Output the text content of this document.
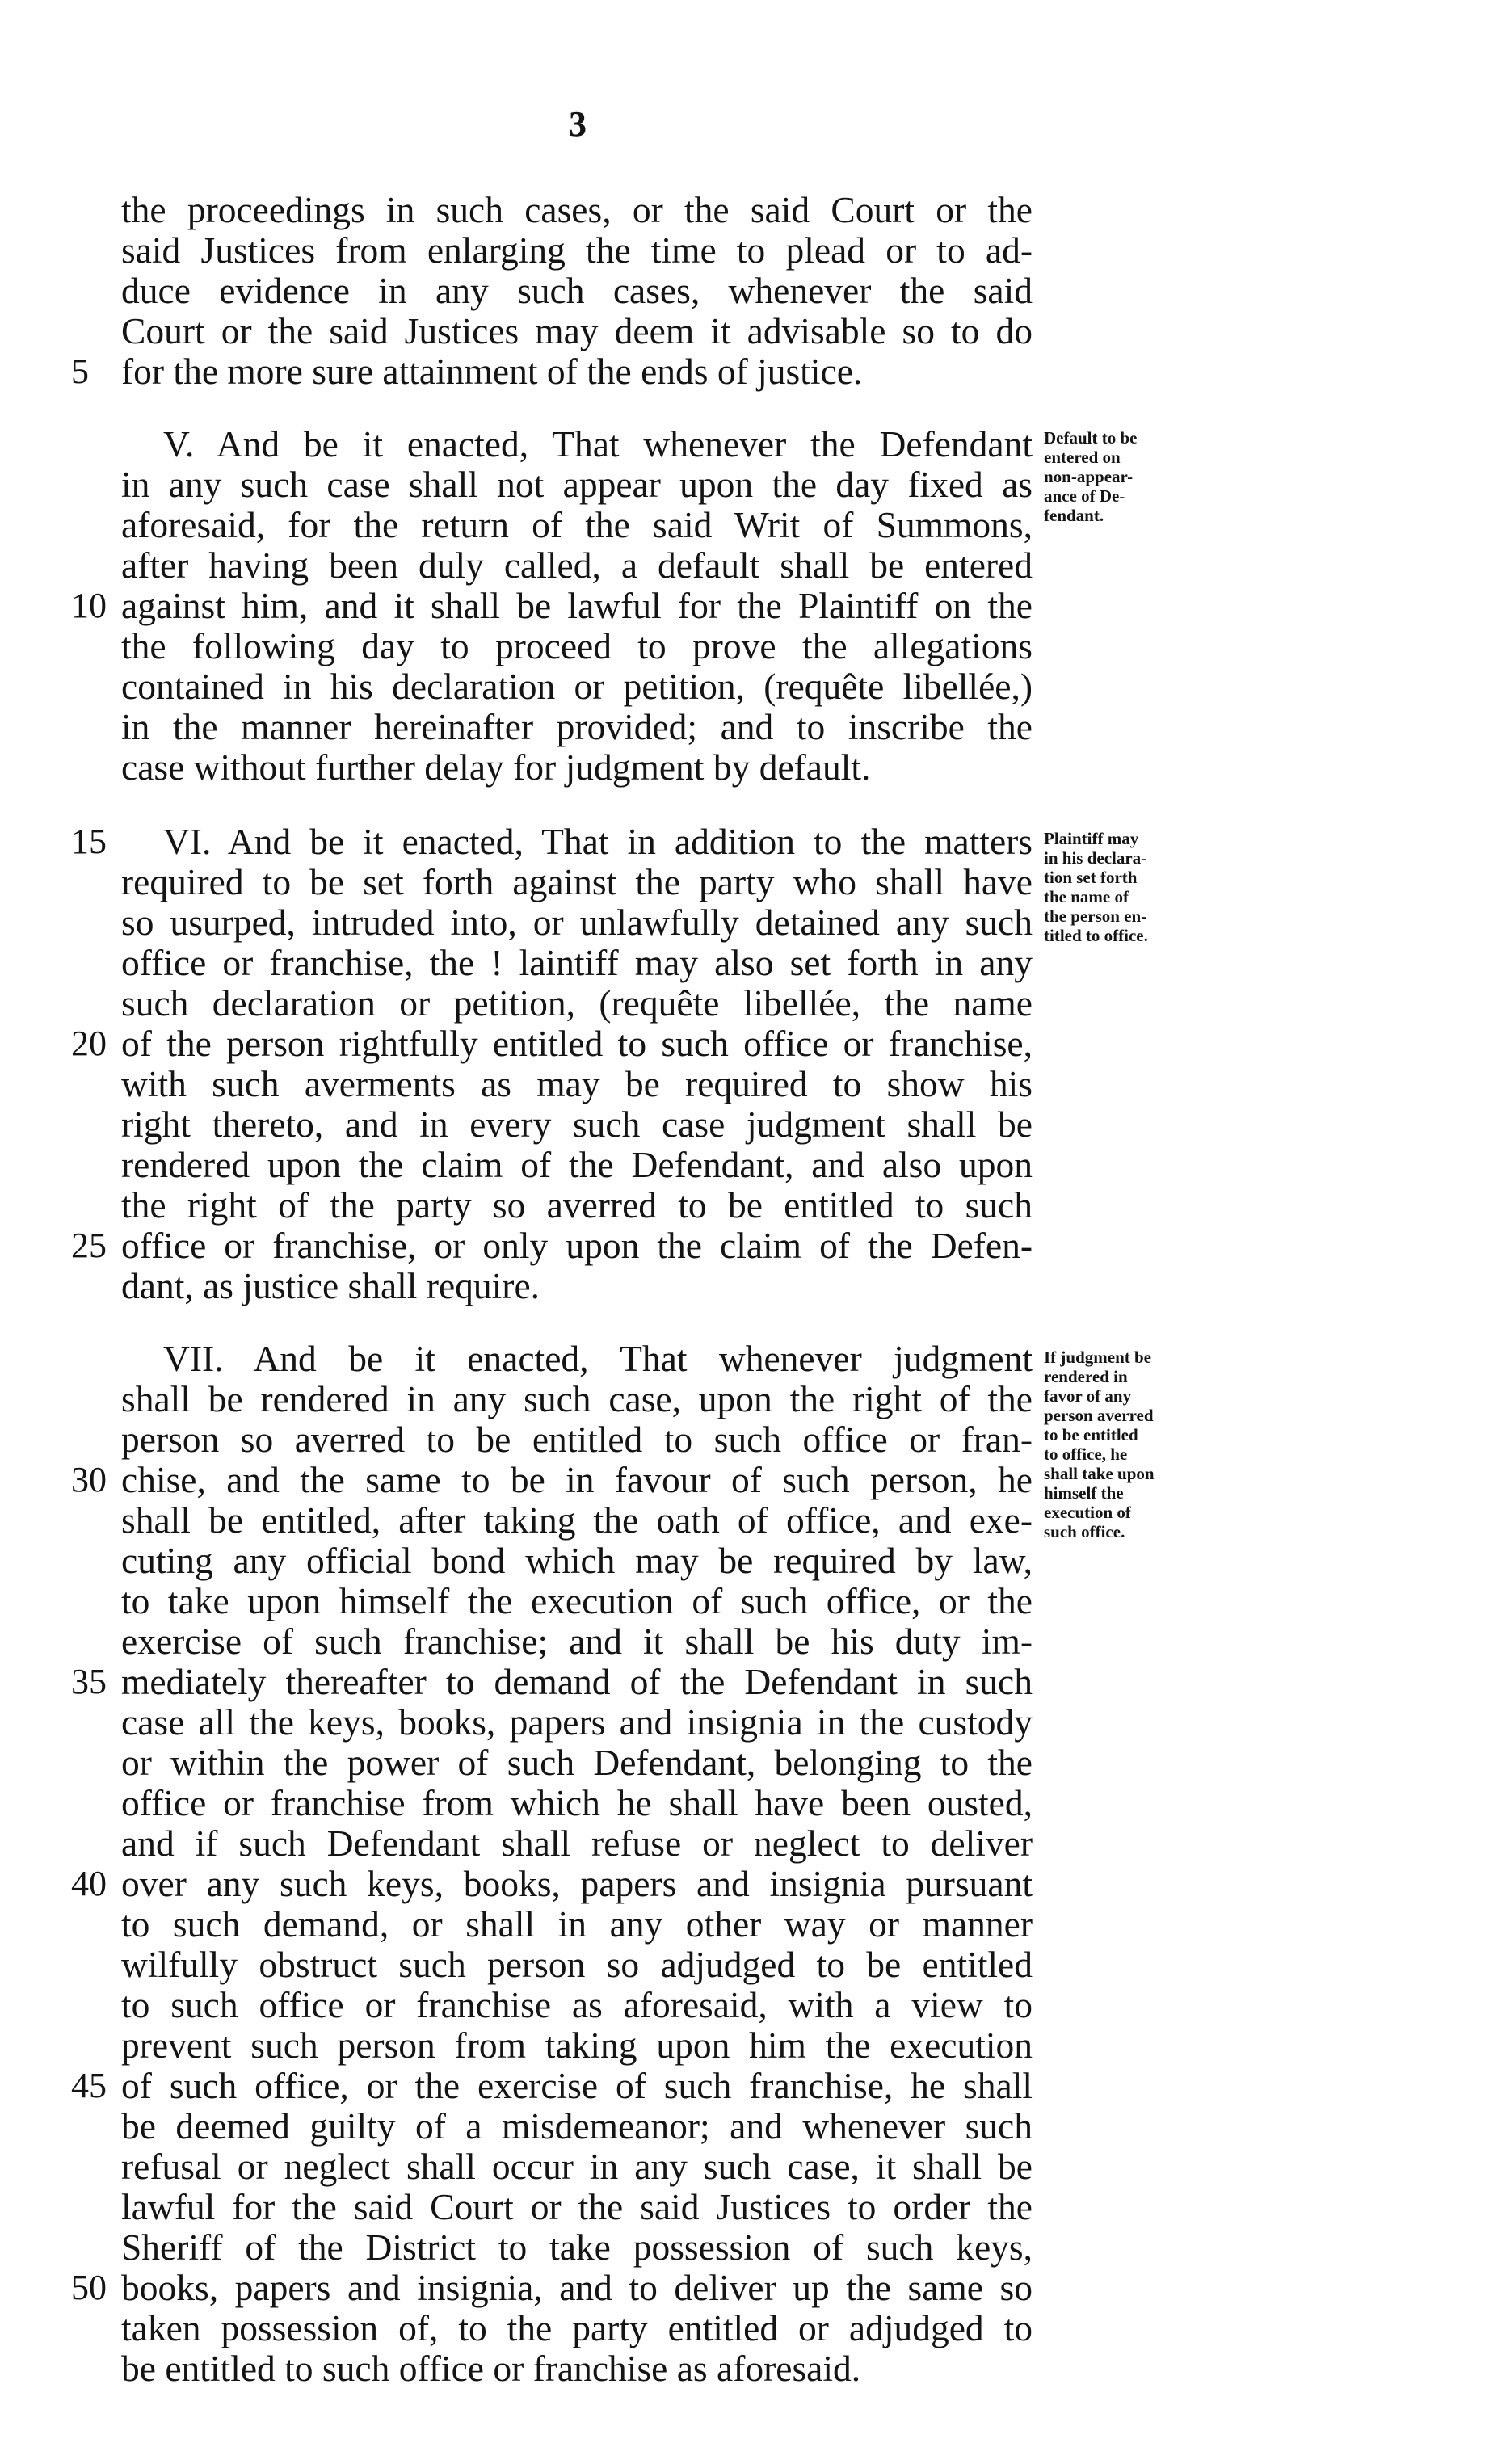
3
the proceedings in such cases, or the said Court or the
said Justices from enlarging the time to plead or to ad-
duce evidence in any such cases, whenever the said
Court or the said Justices may deem it advisable so to do
for the more sure attainment of the ends of justice.
V. And be it enacted, That whenever the Defendant
in any such case shall not appear upon the day fixed as
aforesaid, for the return of the said Writ of Summons,
after having been duly called, a default shall be entered
against him, and it shall be lawful for the Plaintiff on the
the following day to proceed to prove the allegations
contained in his declaration or petition, (requête libellée,)
in the manner hereinafter provided; and to inscribe the
case without further delay for judgment by default.
VI. And be it enacted, That in addition to the matters
required to be set forth against the party who shall have
so usurped, intruded into, or unlawfully detained any such
office or franchise, the ! laintiff may also set forth in any
such declaration or petition, (requête libellée, the name
of the person rightfully entitled to such office or franchise,
with such averments as may be required to show his
right thereto, and in every such case judgment shall be
rendered upon the claim of the Defendant, and also upon
the right of the party so averred to be entitled to such
office or franchise, or only upon the claim of the Defen-
dant, as justice shall require.
VII. And be it enacted, That whenever judgment
shall be rendered in any such case, upon the right of the
person so averred to be entitled to such office or fran-
chise, and the same to be in favour of such person, he
shall be entitled, after taking the oath of office, and exe-
cuting any official bond which may be required by law,
to take upon himself the execution of such office, or the
exercise of such franchise; and it shall be his duty im-
mediately thereafter to demand of the Defendant in such
case all the keys, books, papers and insignia in the custody
or within the power of such Defendant, belonging to the
office or franchise from which he shall have been ousted,
and if such Defendant shall refuse or neglect to deliver
over any such keys, books, papers and insignia pursuant
to such demand, or shall in any other way or manner
wilfully obstruct such person so adjudged to be entitled
to such office or franchise as aforesaid, with a view to
prevent such person from taking upon him the execution
of such office, or the exercise of such franchise, he shall
be deemed guilty of a misdemeanor; and whenever such
refusal or neglect shall occur in any such case, it shall be
lawful for the said Court or the said Justices to order the
Sheriff of the District to take possession of such keys,
books, papers and insignia, and to deliver up the same so
taken possession of, to the party entitled or adjudged to
be entitled to such office or franchise as aforesaid.
5
10
15
20
25
30
35
40
45
50
Default to be
entered on
non-appear-
ance of De-
fendant.
Plaintiff may
in his declara-
tion set forth
the name of
the person en-
titled to office.
If judgment be
rendered in
favor of any
person averred
to be entitled
to office, he
shall take upon
himself the
execution of
such office.
